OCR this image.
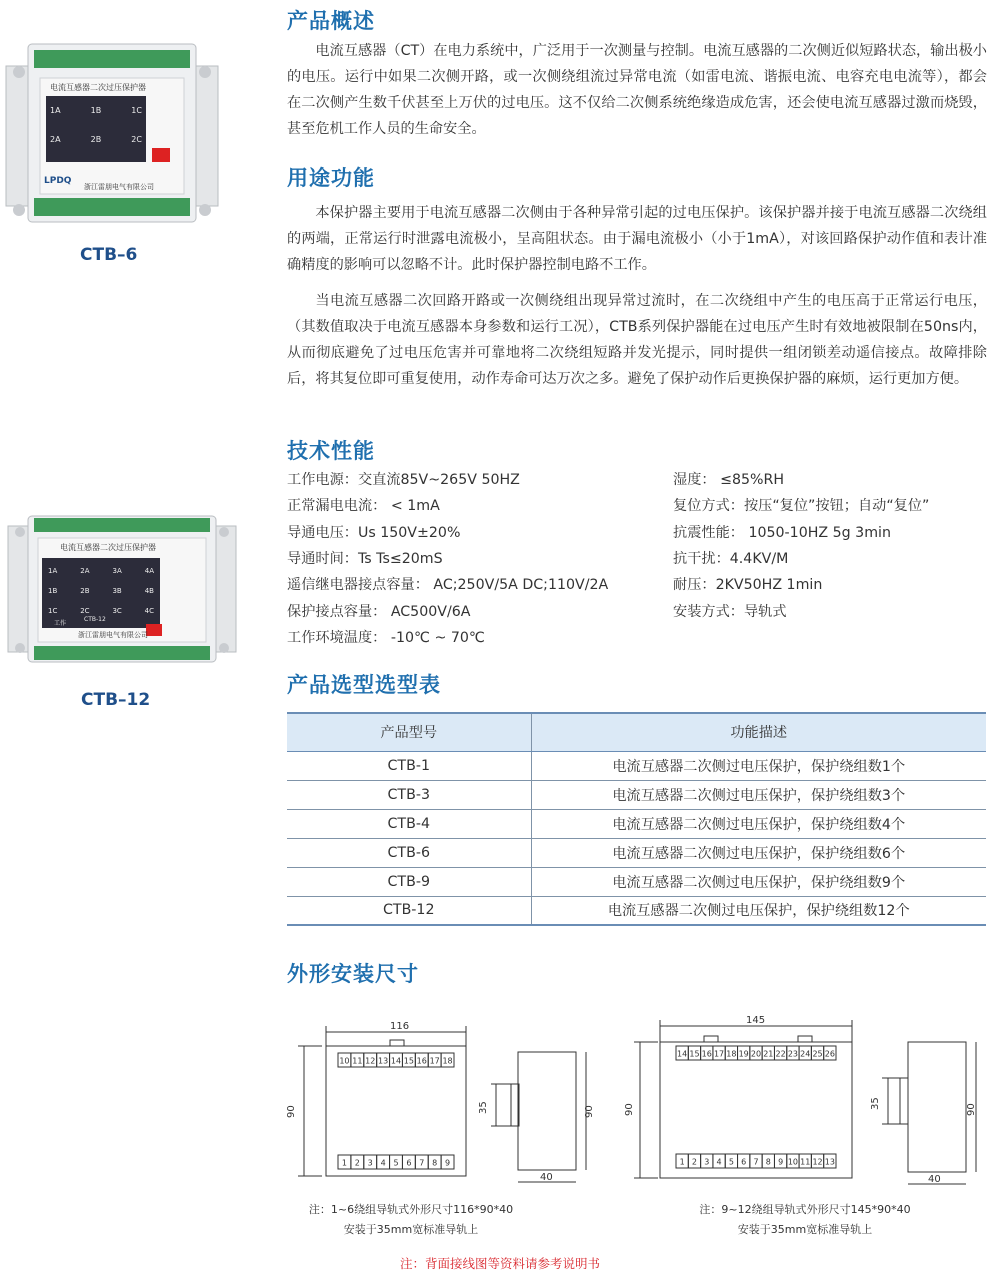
电流互感器二次过压保护器
1A	1B	1C
2A	2B	2C
LPDQ
浙江雷朋电气有限公司
CTB–6
电流互感器二次过压保护器
1A	2A	3A	4A
1B	2B	3B	4B
1C	2C	3C	4C
CTB-12
工作
浙江雷朋电气有限公司
CTB–12
产品概述
电流互感器（CT）在电力系统中，广泛用于一次测量与控制。电流互感器的二次侧近似短路状态，输出极小的电压。运行中如果二次侧开路，或一次侧绕组流过异常电流（如雷电流、谐振电流、电容充电电流等），都会在二次侧产生数千伏甚至上万伏的过电压。这不仅给二次侧系统绝缘造成危害，还会使电流互感器过激而烧毁，甚至危机工作人员的生命安全。
用途功能
本保护器主要用于电流互感器二次侧由于各种异常引起的过电压保护。该保护器并接于电流互感器二次绕组的两端，正常运行时泄露电流极小，呈高阻状态。由于漏电流极小（小于1mA），对该回路保护动作值和表计准确精度的影响可以忽略不计。此时保护器控制电路不工作。
当电流互感器二次回路开路或一次侧绕组出现异常过流时，在二次绕组中产生的电压高于正常运行电压，（其数值取决于电流互感器本身参数和运行工况），CTB系列保护器能在过电压产生时有效地被限制在50ns内，从而彻底避免了过电压危害并可靠地将二次绕组短路并发光提示，同时提供一组闭锁差动遥信接点。故障排除后，将其复位即可重复使用，动作寿命可达万次之多。避免了保护动作后更换保护器的麻烦，运行更加方便。
技术性能
工作电源：交直流85V~265V 50HZ
正常漏电电流： < 1mA
导通电压：Us 150V±20%
导通时间：Ts Ts≤20mS
遥信继电器接点容量： AC;250V/5A DC;110V/2A
保护接点容量： AC500V/6A
工作环境温度： -10℃ ~ 70℃
湿度： ≤85%RH
复位方式：按压“复位”按钮；自动“复位”
抗震性能： 1050-10HZ 5g 3min
抗干扰：4.4KV/M
耐压：2KV50HZ 1min
安装方式：导轨式
产品选型选型表
产品型号	功能描述
CTB-1	电流互感器二次侧过电压保护，保护绕组数1个
CTB-3	电流互感器二次侧过电压保护，保护绕组数3个
CTB-4	电流互感器二次侧过电压保护，保护绕组数4个
CTB-6	电流互感器二次侧过电压保护，保护绕组数6个
CTB-9	电流互感器二次侧过电压保护，保护绕组数9个
CTB-12	电流互感器二次侧过电压保护，保护绕组数12个
外形安装尺寸
116
90	35	90
40
10 11 12 13 14 15 16 17 18
1 2 3 4 5 6 7 8 9
注：1~6绕组导轨式外形尺寸116*90*40
安装于35mm宽标准导轨上
145
90	35	90
40
14 15 16 17 18 19 20 21 22 23 24 25 26
1 2 3 4 5 6 7 8 9 10 11 12 13
注：9~12绕组导轨式外形尺寸145*90*40
安装于35mm宽标准导轨上
注：背面接线图等资料请参考说明书
